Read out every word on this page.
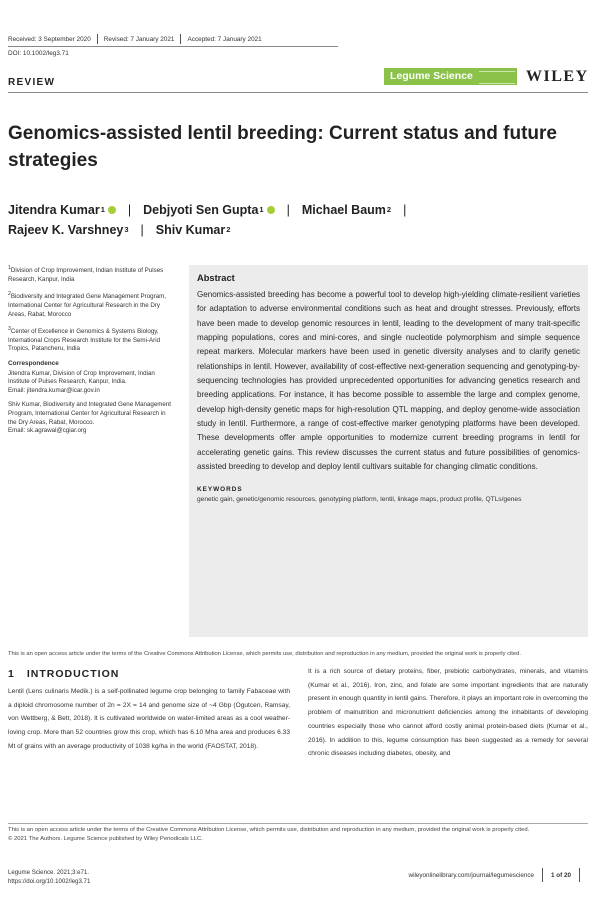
Received: 3 September 2020 Revised: 7 January 2021 Accepted: 7 January 2021
DOI: 10.1002/leg3.71
Legume Science	WILEY
REVIEW
Genomics-assisted lentil breeding: Current status and future strategies
Jitendra Kumar 1 | Debjyoti Sen Gupta 1 | Michael Baum 2 |
Rajeev K. Varshney 3 | Shiv Kumar 2

$^1$Division of Crop Improvement, Indian Institute of Pulses Research, Kanpur, India

$^2$Biodiversity and Integrated Gene Management Program, International Center for Agricultural Research in the Dry Areas, Rabat, Morocco

$^3$Center of Excellence in Genomics & Systems Biology, International Crops Research Institute for the Semi-Arid Tropics, Patancheru, India

Correspondence

Jitendra Kumar, Division of Crop Improvement, Indian Institute of Pulses Research, Kanpur, India.
Email: jitendra.kumar@icar.gov.in

Shiv Kumar, Biodiversity and Integrated Gene Management Program, International Center for Agricultural Research in the Dry Areas, Rabat, Morocco.
Email: sk.agrawal@cgiar.org

Abstract
Genomics-assisted breeding has become a powerful tool to develop high-yielding climate-resilient varieties for adaptation to adverse environmental conditions such as heat and drought stresses. Previously, efforts have been made to develop genomic resources in lentil, leading to the development of many trait-specific mapping populations, cores and mini-cores, and single nucleotide polymorphism and simple sequence repeat markers. Molecular markers have been used in genetic diversity analyses and to clarify genetic relationships in lentil. However, availability of cost-effective next-generation sequencing and genotyping-by-sequencing technologies has provided unprecedented opportunities for advancing genetics research and breeding applications. For instance, it has become possible to assemble the large and complex genome, develop high-density genetic maps for high-resolution QTL mapping, and deploy genome-wide association study in lentil. Furthermore, a range of cost-effective marker genotyping platforms have been developed. These developments offer ample opportunities to modernize current breeding programs in lentil for accelerating genetic gains. This review discusses the current status and future possibilities of genomics-assisted breeding to develop and deploy lentil cultivars suitable for changing climatic conditions.
KEYWORDS
genetic gain, genetic/genomic resources, genotyping platform, lentil, linkage maps, product profile, QTLs/genes
This is an open access article under the terms of the Creative Commons Attribution License, which permits use, distribution and reproduction in any medium, provided the original work is properly cited.
1 INTRODUCTION
Lentil (Lens culinaris Medik.) is a self-pollinated legume crop belonging to family Fabaceae with a diploid chromosome number of 2n = 2X = 14 and genome size of ~4 Gbp (Ogutcen, Ramsay, von Wettberg, & Bett, 2018). It is cultivated worldwide on water-limited areas as a cool weather-loving crop. More than 52 countries grow this crop, which has 6.10 Mha area and produces 6.33 Mt of grains with an average productivity of 1038 kg/ha in the world (FAOSTAT, 2018).
It is a rich source of dietary proteins, fiber, prebiotic carbohydrates, minerals, and vitamins (Kumar et al., 2016). Iron, zinc, and folate are some important ingredients that are naturally present in enough quantity in lentil gains. Therefore, it plays an important role in overcoming the problem of malnutrition and micronutrient deficiencies among the inhabitants of developing countries especially those who cannot afford costly animal protein-based diets (Kumar et al., 2016). In addition to this, legume consumption has been suggested as a remedy for several chronic diseases including diabetes, obesity, and
This is an open access article under the terms of the Creative Commons Attribution License, which permits use, distribution and reproduction in any medium, provided the original work is properly cited.
© 2021 The Authors. Legume Science published by Wiley Periodicals LLC.
Legume Science. 2021;3:e71.
https://doi.org/10.1002/leg3.71
wileyonlinelibrary.com/journal/legumescience	1 of 20
